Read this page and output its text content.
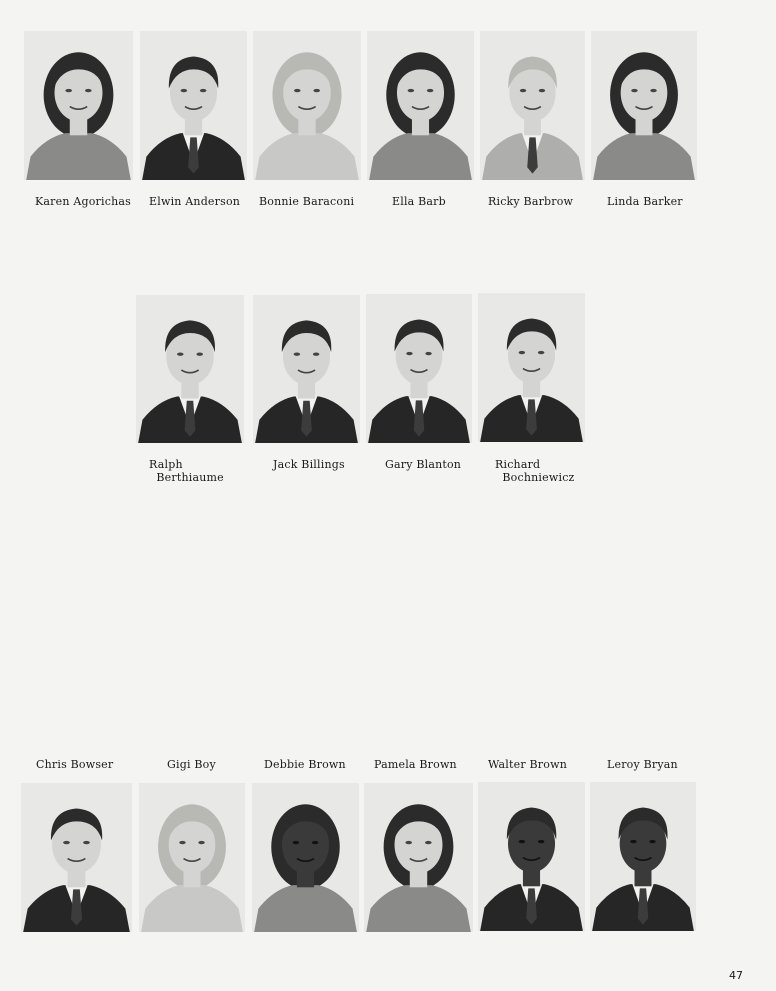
Karen Agorichas Elwin Anderson Bonnie Baraconi	Ella Barb	Ricky Barbrow	Linda Barker
Ralph
Berthiaume
Jack Billings	Gary Blanton	Richard
Bochniewicz
Chris Bowser	Gigi Boy	Debbie Brown	Pamela Brown	Walter Brown	Leroy Bryan
47
